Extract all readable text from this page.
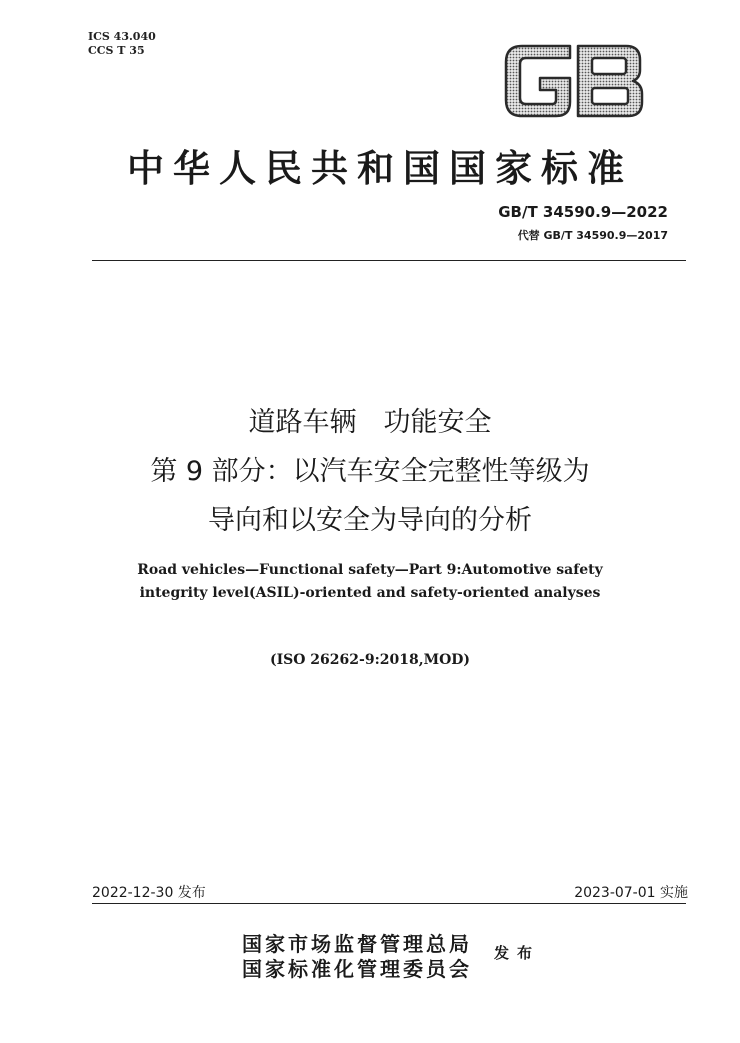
ICS 43.040
CCS T 35
中华人民共和国国家标准
GB/T 34590.9—2022
代替 GB/T 34590.9—2017
道路车辆　功能安全
第 9 部分：以汽车安全完整性等级为
导向和以安全为导向的分析
Road vehicles—Functional safety—Part 9:Automotive safety
integrity level(ASIL)-oriented and safety-oriented analyses
(ISO 26262-9:2018,MOD)
2022-12-30 发布	2023-07-01 实施
国家市场监督管理总局
国家标准化管理委员会
发布
